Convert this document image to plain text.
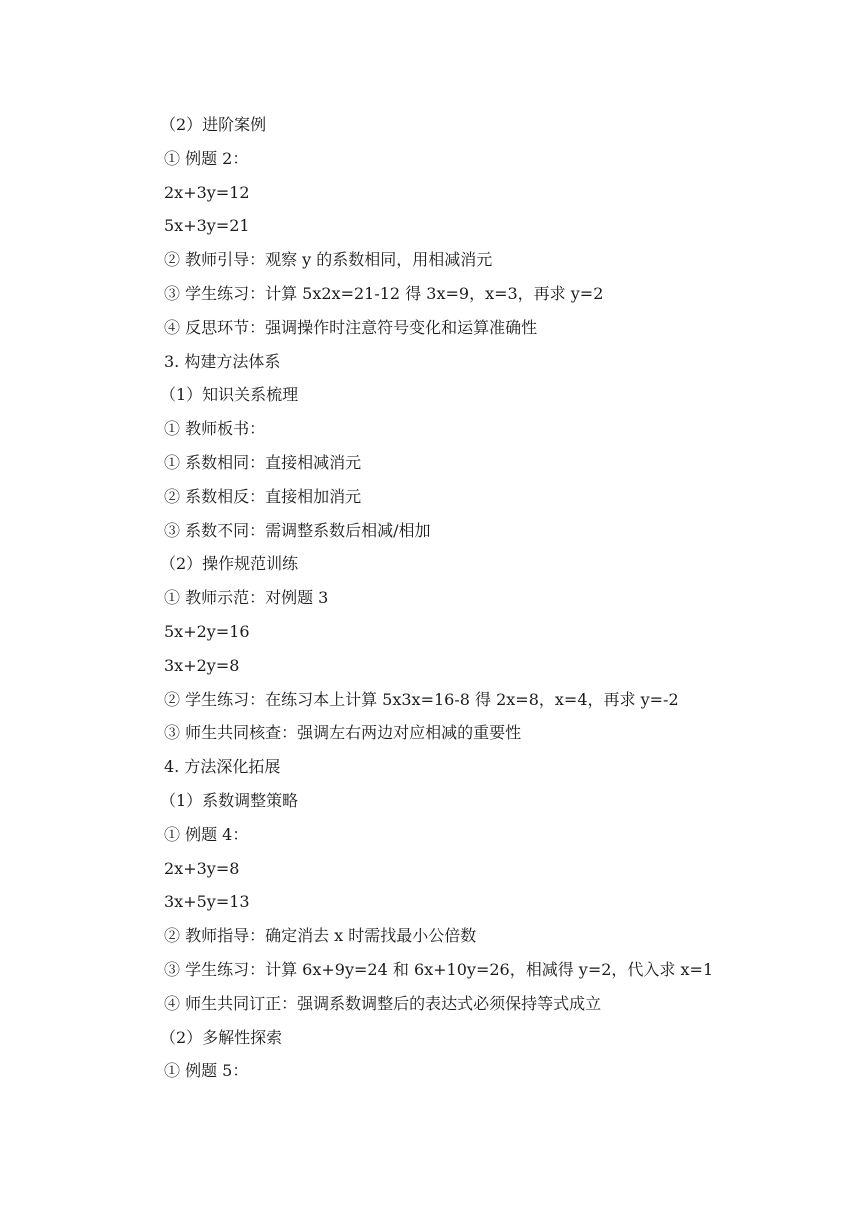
（2）进阶案例
① 例题 2：
2x+3y=12
5x+3y=21
② 教师引导：观察 y 的系数相同，用相减消元
③ 学生练习：计算 5x2x=21-12 得 3x=9，x=3，再求 y=2
④ 反思环节：强调操作时注意符号变化和运算准确性
3. 构建方法体系
（1）知识关系梳理
① 教师板书：
① 系数相同：直接相减消元
② 系数相反：直接相加消元
③ 系数不同：需调整系数后相减/相加
（2）操作规范训练
① 教师示范：对例题 3
5x+2y=16
3x+2y=8
② 学生练习：在练习本上计算 5x3x=16-8 得 2x=8，x=4，再求 y=-2
③ 师生共同核查：强调左右两边对应相减的重要性
4. 方法深化拓展
（1）系数调整策略
① 例题 4：
2x+3y=8
3x+5y=13
② 教师指导：确定消去 x 时需找最小公倍数
③ 学生练习：计算 6x+9y=24 和 6x+10y=26，相减得 y=2，代入求 x=1
④ 师生共同订正：强调系数调整后的表达式必须保持等式成立
（2）多解性探索
① 例题 5：
